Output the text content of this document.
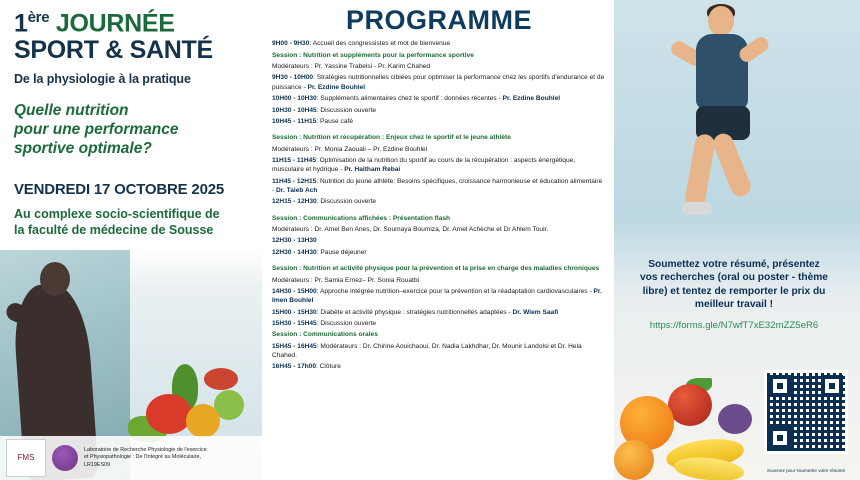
1ère JOURNÉE
SPORT & SANTÉ
De la physiologie à la pratique
Quelle nutrition
pour une performance
sportive optimale?
VENDREDI 17 OCTOBRE 2025
Au complexe socio-scientifique de
la faculté de médecine de Sousse
FMS
Laboratoire de Recherche Physiologie de l'exercice et Physiopathologie : De l'Intégré au Moléculaire, LR19ES09
PROGRAMME

9H00 - 9H30: Accueil des congressistes et mot de bienvenue

Session : Nutrition et suppléments pour la performance sportive

Modérateurs : Pr. Yassine Trabelsi - Pr. Karim Chahed

9H30 - 10H00: Stratégies nutritionnelles ciblées pour optimiser la performance chez les sportifs d'endurance et de puissance - Pr. Ezdine Bouhlel

10H00 - 10H30: Suppléments alimentaires chez le sportif : données récentes - Pr. Ezdine Bouhlel

10H30 - 10H45: Discussion ouverte

10H45 - 11H15: Pause café

Session : Nutrition et récupération : Enjeux chez le sportif et le jeune athlète

Modérateurs : Pr. Monia Zaouali – Pr. Ezdine Bouhlel

11H15 - 11H45: Optimisation de la nutrition du sportif au cours de la récupération : aspects énergétique, musculaire et hydrique - Pr. Haitham Rebai

11H45 - 12H15: Nutrition du jeune athlète: Besoins spécifiques, croissance harmonieuse et éducation alimentaire - Dr. Taieb Ach

12H15 - 12H30: Discussion ouverte

Session : Communications affichées : Présentation flash

Modérateurs : Dr. Amel Ben Anes, Dr. Soumaya Boumiza, Dr. Amel Achèche et Dr Ahlem Touir.

12H30 - 13H30

12H30 - 14H30: Pause déjeuner

Session : Nutrition et activité physique pour la prévention et la prise en charge des maladies chroniques

Modérateurs : Pr. Samia Ernez– Pr. Sonia Rouatbi

14H30 - 15H00: Approche intégrée nutrition–exercice pour la prévention et la réadaptation cardiovasculaires - Pr. Imen Bouhlel

15H00 - 15H30: Diabète et activité physique : stratégies nutritionnelles adaptées - Dr. Wiem Saafi

15H30 - 15H45: Discussion ouverte

Session : Communications orales

15H45 - 16H45: Modérateurs : Dr. Chirine Aouichaoui, Dr. Nadia Lakhdhar, Dr. Mounir Landolsi et Dr. Hela Chahed.

16H45 - 17h00: Clôture

Soumettez votre résumé, présentez
vos recherches (oral ou poster - thème
libre) et tentez de remporter le prix du
meilleur travail !
https://forms.gle/N7wfT7xE32mZZ5eR6
Scannez pour soumettre votre résumé
